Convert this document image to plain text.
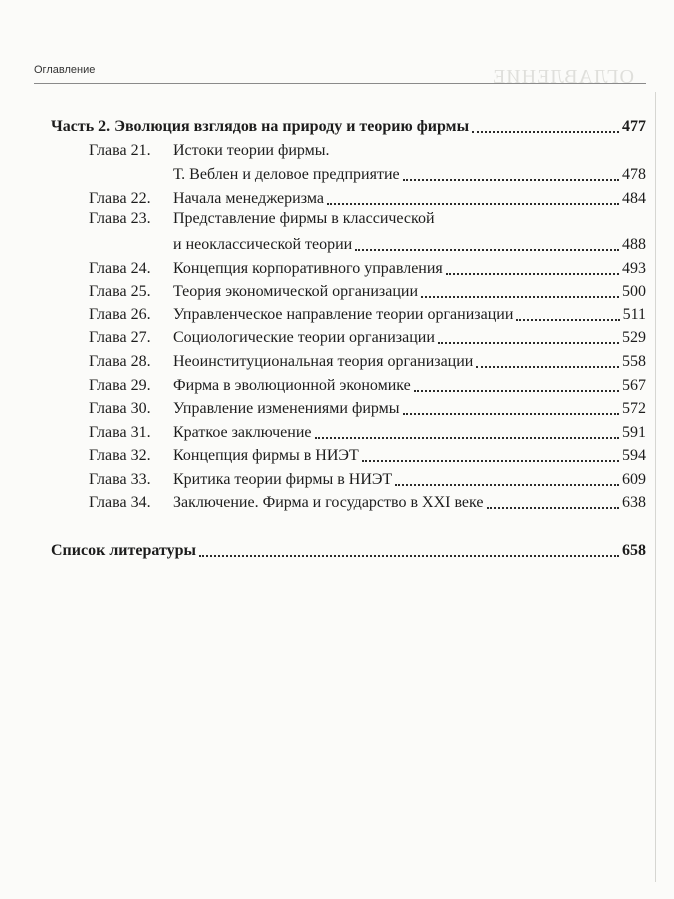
ОГЛАВЛЕНИЕ
Оглавление
Часть 2. Эволюция взглядов на природу и теорию фирмы	477
Глава 21. Истоки теории фирмы.
Т. Веблен и деловое предприятие	478
Глава 22.	Начала менеджеризма	484
Глава 23. Представление фирмы в классической
и неоклассической теории	488
Глава 24.	Концепция корпоративного управления	493
Глава 25.	Теория экономической организации	500
Глава 26.	Управленческое направление теории организации	511
Глава 27.	Социологические теории организации	529
Глава 28.	Неоинституциональная теория организации	558
Глава 29.	Фирма в эволюционной экономике	567
Глава 30.	Управление изменениями фирмы	572
Глава 31.	Краткое заключение	591
Глава 32.	Концепция фирмы в НИЭТ	594
Глава 33.	Критика теории фирмы в НИЭТ	609
Глава 34.	Заключение. Фирма и государство в XXI веке	638
Список литературы	658
